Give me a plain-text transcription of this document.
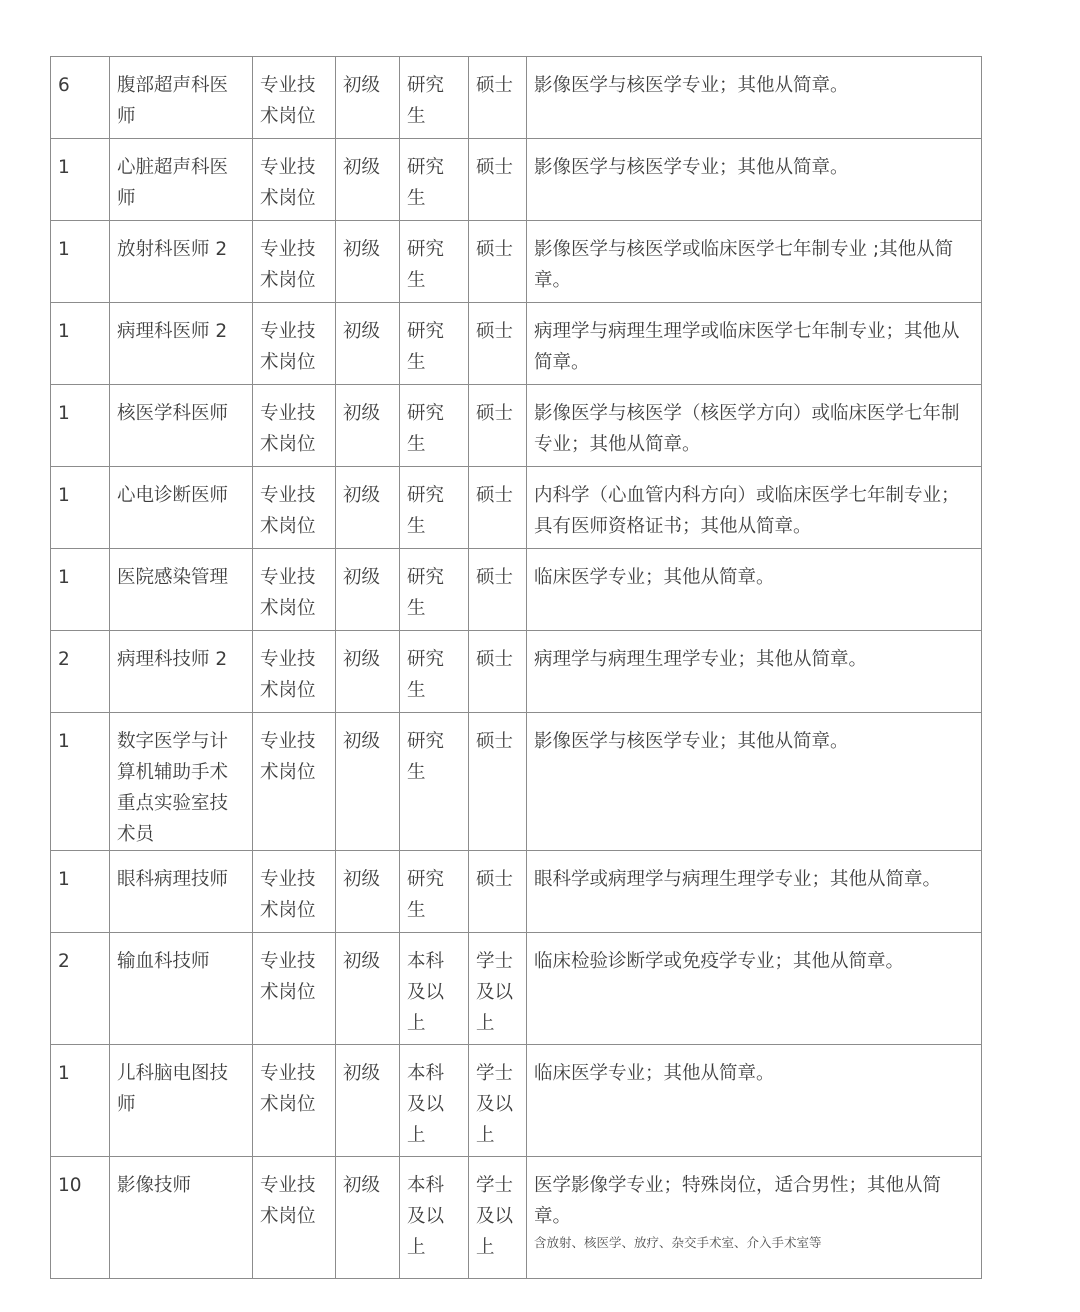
6	腹部超声科医师	专业技术岗位	初级	研究生	硕士	影像医学与核医学专业；其他从简章。
1	心脏超声科医师	专业技术岗位	初级	研究生	硕士	影像医学与核医学专业；其他从简章。
1	放射科医师 2	专业技术岗位	初级	研究生	硕士	影像医学与核医学或临床医学七年制专业 ;其他从简章。
1	病理科医师 2	专业技术岗位	初级	研究生	硕士	病理学与病理生理学或临床医学七年制专业；其他从简章。
1	核医学科医师	专业技术岗位	初级	研究生	硕士	影像医学与核医学（核医学方向）或临床医学七年制专业；其他从简章。
1	心电诊断医师	专业技术岗位	初级	研究生	硕士	内科学（心血管内科方向）或临床医学七年制专业；具有医师资格证书；其他从简章。
1	医院感染管理	专业技术岗位	初级	研究生	硕士	临床医学专业；其他从简章。
2	病理科技师 2	专业技术岗位	初级	研究生	硕士	病理学与病理生理学专业；其他从简章。
1	数字医学与计算机辅助手术重点实验室技术员	专业技术岗位	初级	研究生	硕士	影像医学与核医学专业；其他从简章。
1	眼科病理技师	专业技术岗位	初级	研究生	硕士	眼科学或病理学与病理生理学专业；其他从简章。
2	输血科技师	专业技术岗位	初级	本科及以上	学士及以上	临床检验诊断学或免疫学专业；其他从简章。
1	儿科脑电图技师	专业技术岗位	初级	本科及以上	学士及以上	临床医学专业；其他从简章。
10	影像技师	专业技术岗位	初级	本科及以上	学士及以上	医学影像学专业；特殊岗位，适合男性；其他从简章。
含放射、核医学、放疗、杂交手术室、介入手术室等
